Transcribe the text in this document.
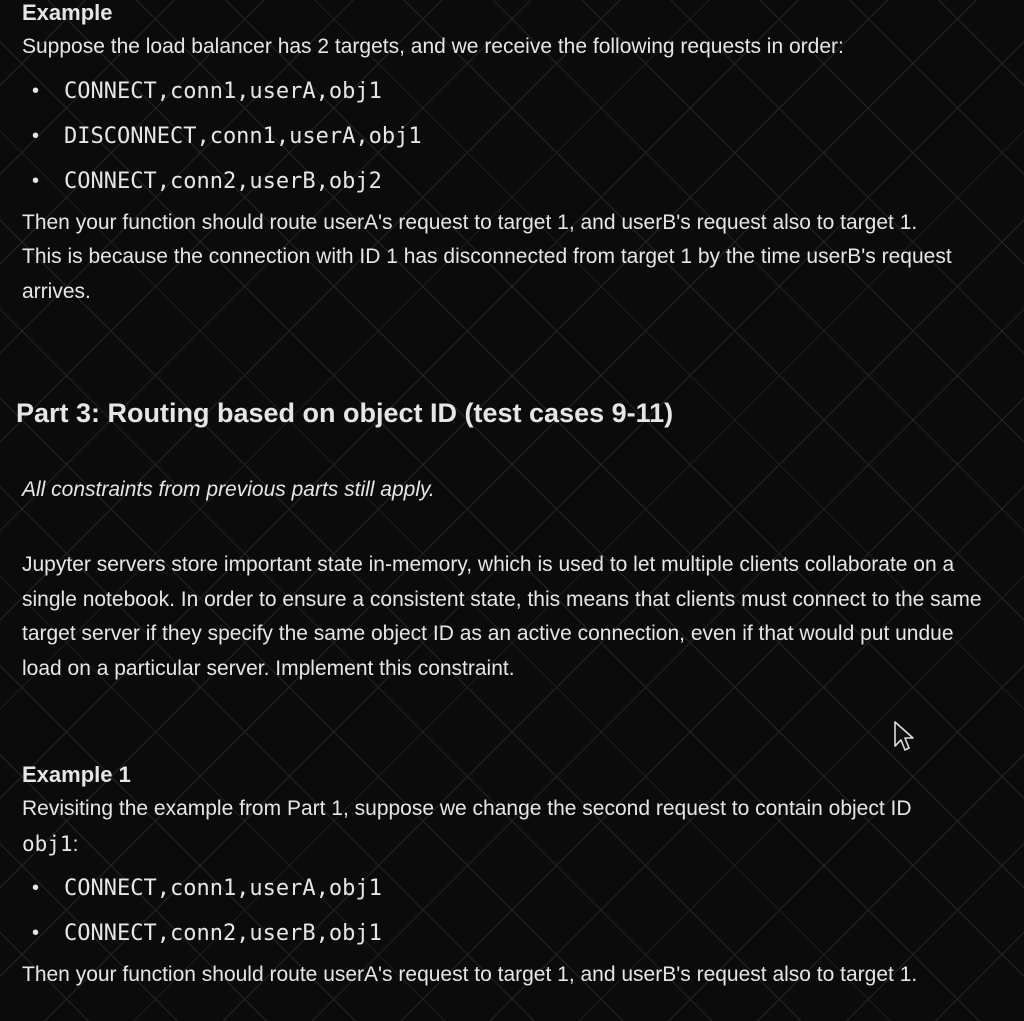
Example

Suppose the load balancer has 2 targets, and we receive the following requests in order:

• CONNECT,conn1,userA,obj1
• DISCONNECT,conn1,userA,obj1
• CONNECT,conn2,userB,obj2

Then your function should route userA's request to target 1, and userB's request also to target 1. This is because the connection with ID 1 has disconnected from target 1 by the time userB's request arrives.

Part 3: Routing based on object ID (test cases 9-11)

All constraints from previous parts still apply.

Jupyter servers store important state in-memory, which is used to let multiple clients collaborate on a single notebook. In order to ensure a consistent state, this means that clients must connect to the same target server if they specify the same object ID as an active connection, even if that would put undue load on a particular server. Implement this constraint.

Example 1

Revisiting the example from Part 1, suppose we change the second request to contain object ID obj1:

• CONNECT,conn1,userA,obj1
• CONNECT,conn2,userB,obj1

Then your function should route userA's request to target 1, and userB's request also to target 1.
